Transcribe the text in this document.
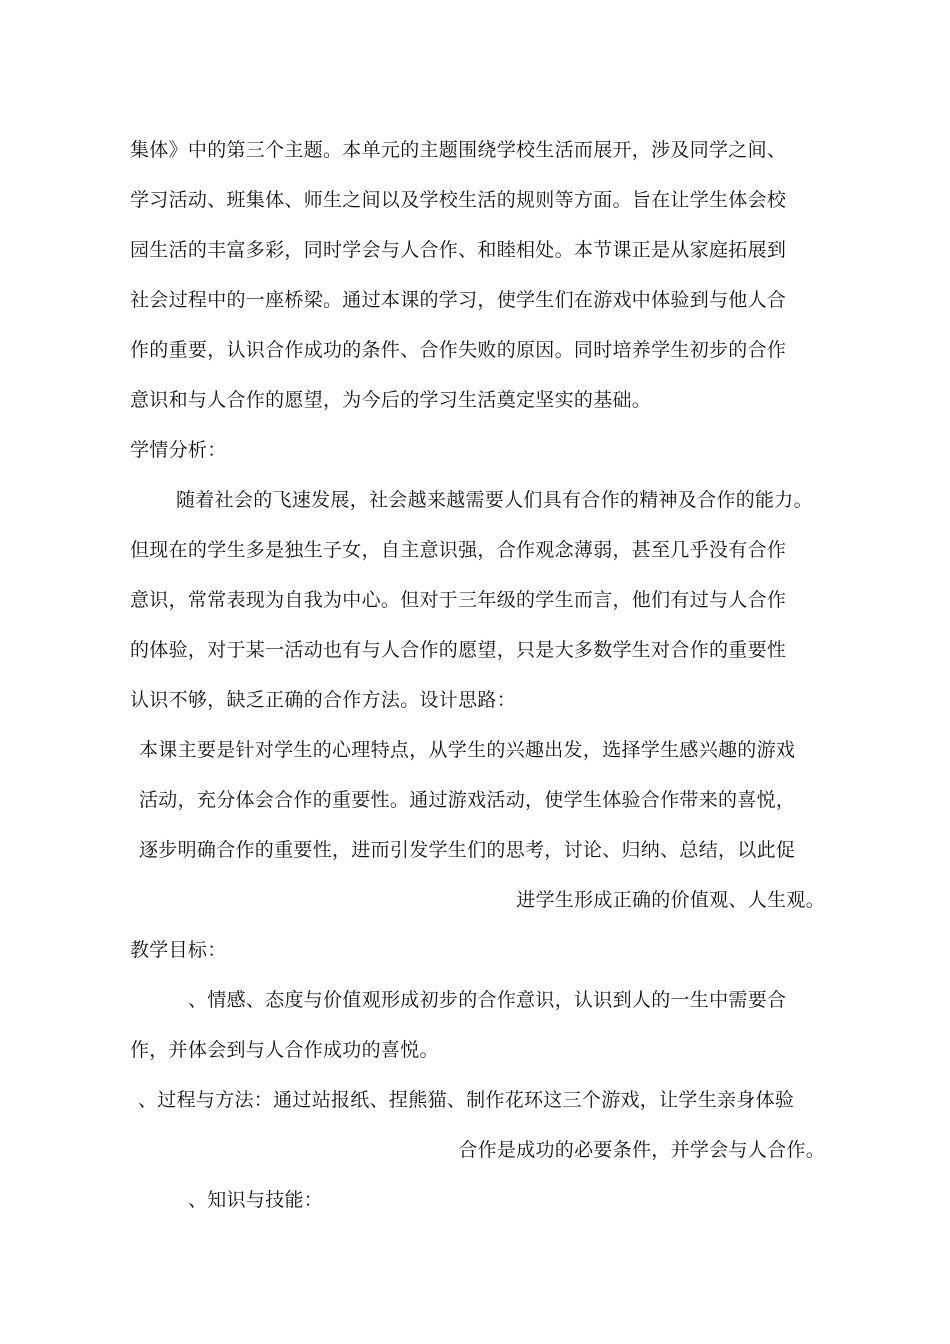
集体》中的第三个主题。本单元的主题围绕学校生活而展开，涉及同学之间、
学习活动、班集体、师生之间以及学校生活的规则等方面。旨在让学生体会校
园生活的丰富多彩，同时学会与人合作、和睦相处。本节课正是从家庭拓展到
社会过程中的一座桥梁。通过本课的学习，使学生们在游戏中体验到与他人合
作的重要，认识合作成功的条件、合作失败的原因。同时培养学生初步的合作
意识和与人合作的愿望，为今后的学习生活奠定坚实的基础。
学情分析：
随着社会的飞速发展，社会越来越需要人们具有合作的精神及合作的能力。
但现在的学生多是独生子女，自主意识强，合作观念薄弱，甚至几乎没有合作
意识，常常表现为自我为中心。但对于三年级的学生而言，他们有过与人合作
的体验，对于某一活动也有与人合作的愿望，只是大多数学生对合作的重要性
认识不够，缺乏正确的合作方法。设计思路：
本课主要是针对学生的心理特点，从学生的兴趣出发，选择学生感兴趣的游戏
活动，充分体会合作的重要性。通过游戏活动，使学生体验合作带来的喜悦，
逐步明确合作的重要性，进而引发学生们的思考，讨论、归纳、总结，以此促
进学生形成正确的价值观、人生观。
教学目标：
、情感、态度与价值观形成初步的合作意识，认识到人的一生中需要合
作，并体会到与人合作成功的喜悦。
、过程与方法：通过站报纸、捏熊猫、制作花环这三个游戏，让学生亲身体验
合作是成功的必要条件，并学会与人合作。
、知识与技能：
